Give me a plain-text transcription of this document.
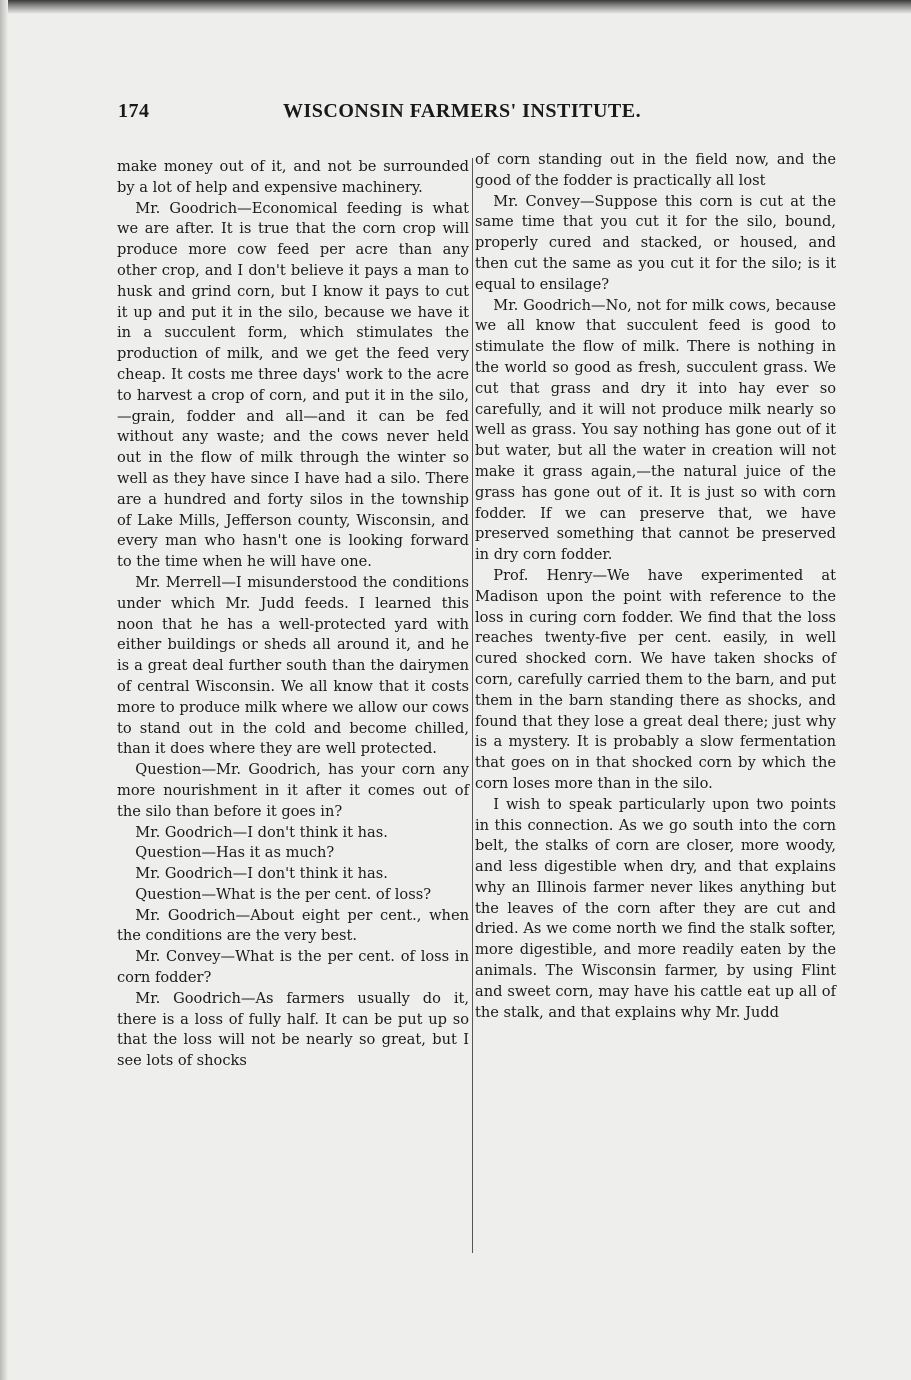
174	WISCONSIN FARMERS' INSTITUTE.

make money out of it, and not be surrounded by a lot of help and expensive machinery.

Mr. Goodrich—Economical feeding is what we are after. It is true that the corn crop will produce more cow feed per acre than any other crop, and I don't believe it pays a man to husk and grind corn, but I know it pays to cut it up and put it in the silo, because we have it in a succulent form, which stimulates the production of milk, and we get the feed very cheap. It costs me three days' work to the acre to harvest a crop of corn, and put it in the silo,—grain, fodder and all—and it can be fed without any waste; and the cows never held out in the flow of milk through the winter so well as they have since I have had a silo. There are a hundred and forty silos in the township of Lake Mills, Jefferson county, Wisconsin, and every man who hasn't one is looking forward to the time when he will have one.

Mr. Merrell—I misunderstood the conditions under which Mr. Judd feeds. I learned this noon that he has a well-protected yard with either buildings or sheds all around it, and he is a great deal further south than the dairymen of central Wisconsin. We all know that it costs more to produce milk where we allow our cows to stand out in the cold and become chilled, than it does where they are well protected.

Question—Mr. Goodrich, has your corn any more nourishment in it after it comes out of the silo than before it goes in?

Mr. Goodrich—I don't think it has.

Question—Has it as much?

Mr. Goodrich—I don't think it has.

Question—What is the per cent. of loss?

Mr. Goodrich—About eight per cent., when the conditions are the very best.

Mr. Convey—What is the per cent. of loss in corn fodder?

Mr. Goodrich—As farmers usually do it, there is a loss of fully half. It can be put up so that the loss will not be nearly so great, but I see lots of shocks

of corn standing out in the field now, and the good of the fodder is practically all lost

Mr. Convey—Suppose this corn is cut at the same time that you cut it for the silo, bound, properly cured and stacked, or housed, and then cut the same as you cut it for the silo; is it equal to ensilage?

Mr. Goodrich—No, not for milk cows, because we all know that succulent feed is good to stimulate the flow of milk. There is nothing in the world so good as fresh, succulent grass. We cut that grass and dry it into hay ever so carefully, and it will not produce milk nearly so well as grass. You say nothing has gone out of it but water, but all the water in creation will not make it grass again,—the natural juice of the grass has gone out of it. It is just so with corn fodder. If we can preserve that, we have preserved something that cannot be preserved in dry corn fodder.

Prof. Henry—We have experimented at Madison upon the point with reference to the loss in curing corn fodder. We find that the loss reaches twenty-five per cent. easily, in well cured shocked corn. We have taken shocks of corn, carefully carried them to the barn, and put them in the barn standing there as shocks, and found that they lose a great deal there; just why is a mystery. It is probably a slow fermentation that goes on in that shocked corn by which the corn loses more than in the silo.

I wish to speak particularly upon two points in this connection. As we go south into the corn belt, the stalks of corn are closer, more woody, and less digestible when dry, and that explains why an Illinois farmer never likes anything but the leaves of the corn after they are cut and dried. As we come north we find the stalk softer, more digestible, and more readily eaten by the animals. The Wisconsin farmer, by using Flint and sweet corn, may have his cattle eat up all of the stalk, and that explains why Mr. Judd
